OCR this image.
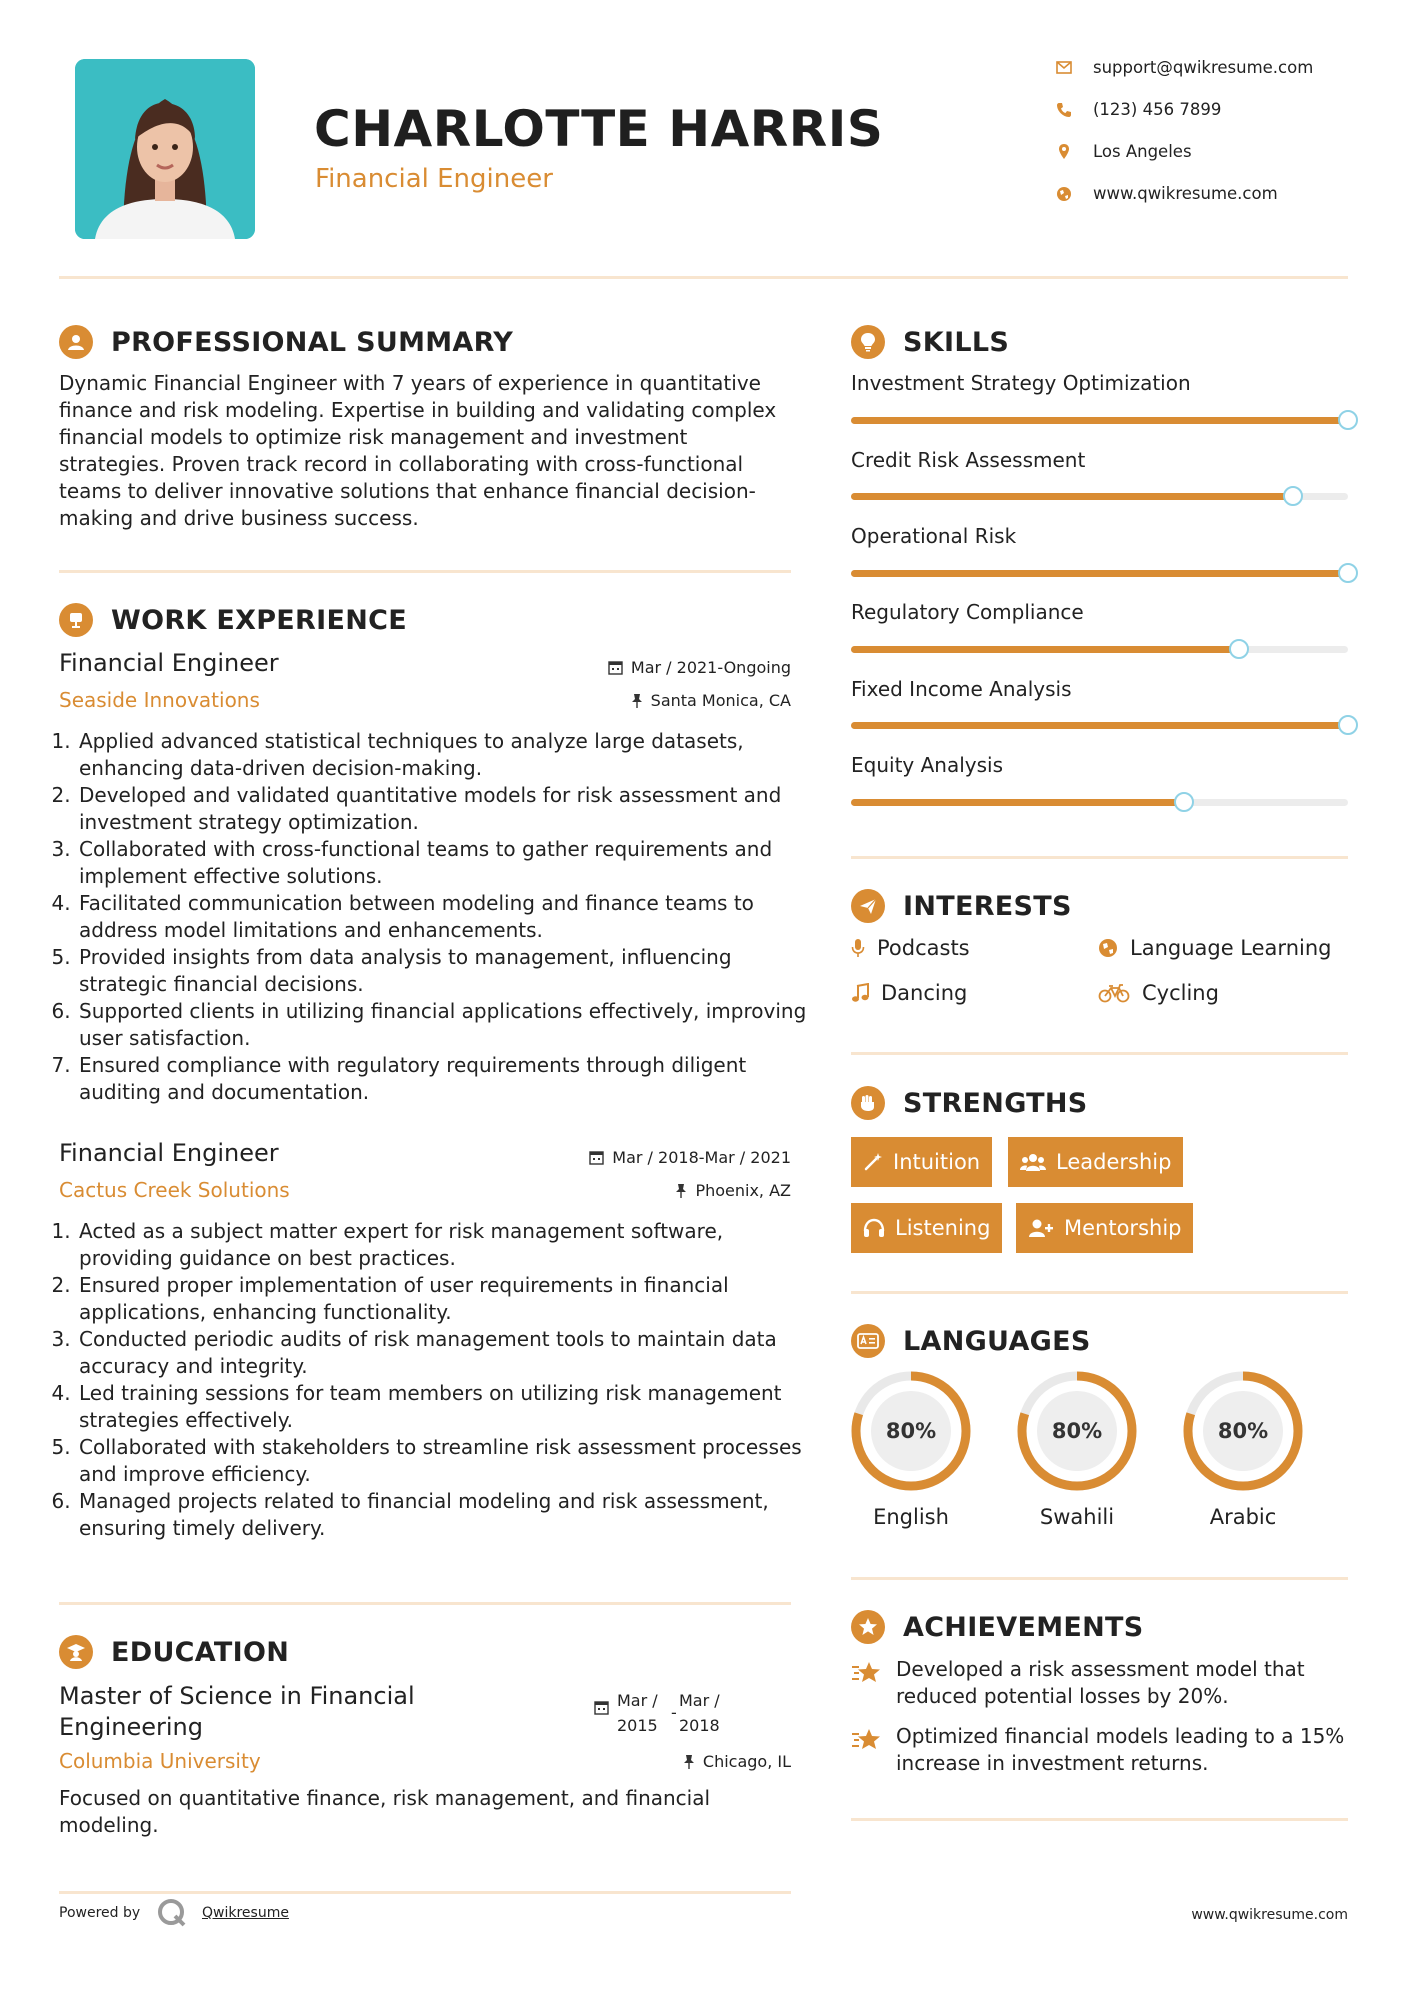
CHARLOTTE HARRIS
Financial Engineer
support@qwikresume.com
(123) 456 7899
Los Angeles
www.qwikresume.com
PROFESSIONAL SUMMARY
Dynamic Financial Engineer with 7 years of experience in quantitative finance and risk modeling. Expertise in building and validating complex financial models to optimize risk management and investment strategies. Proven track record in collaborating with cross-functional teams to deliver innovative solutions that enhance financial decision-making and drive business success.
WORK EXPERIENCE
Financial Engineer	Mar / 2021-Ongoing
Seaside Innovations	Santa Monica, CA
1. Applied advanced statistical techniques to analyze large datasets, enhancing data-driven decision-making.
2. Developed and validated quantitative models for risk assessment and investment strategy optimization.
3. Collaborated with cross-functional teams to gather requirements and implement effective solutions.
4. Facilitated communication between modeling and finance teams to address model limitations and enhancements.
5. Provided insights from data analysis to management, influencing strategic financial decisions.
6. Supported clients in utilizing financial applications effectively, improving user satisfaction.
7. Ensured compliance with regulatory requirements through diligent auditing and documentation.
Financial Engineer	Mar / 2018-Mar / 2021
Cactus Creek Solutions	Phoenix, AZ
1. Acted as a subject matter expert for risk management software, providing guidance on best practices.
2. Ensured proper implementation of user requirements in financial applications, enhancing functionality.
3. Conducted periodic audits of risk management tools to maintain data accuracy and integrity.
4. Led training sessions for team members on utilizing risk management strategies effectively.
5. Collaborated with stakeholders to streamline risk assessment processes and improve efficiency.
6. Managed projects related to financial modeling and risk assessment, ensuring timely delivery.
EDUCATION
Master of Science in Financial
Engineering
Mar /
2015
-
Mar /
2018
Columbia University	Chicago, IL
Focused on quantitative finance, risk management, and financial modeling.
SKILLS
Investment Strategy Optimization
Credit Risk Assessment
Operational Risk
Regulatory Compliance
Fixed Income Analysis
Equity Analysis
INTERESTS
Podcasts	Language Learning
Dancing	Cycling
STRENGTHS
Intuition	Leadership
Listening	Mentorship
LANGUAGES
80%
English
80%
Swahili
80%
Arabic
ACHIEVEMENTS
Developed a risk assessment model that reduced potential losses by 20%.
Optimized financial models leading to a 15% increase in investment returns.
Powered by	Qwikresume	www.qwikresume.com
